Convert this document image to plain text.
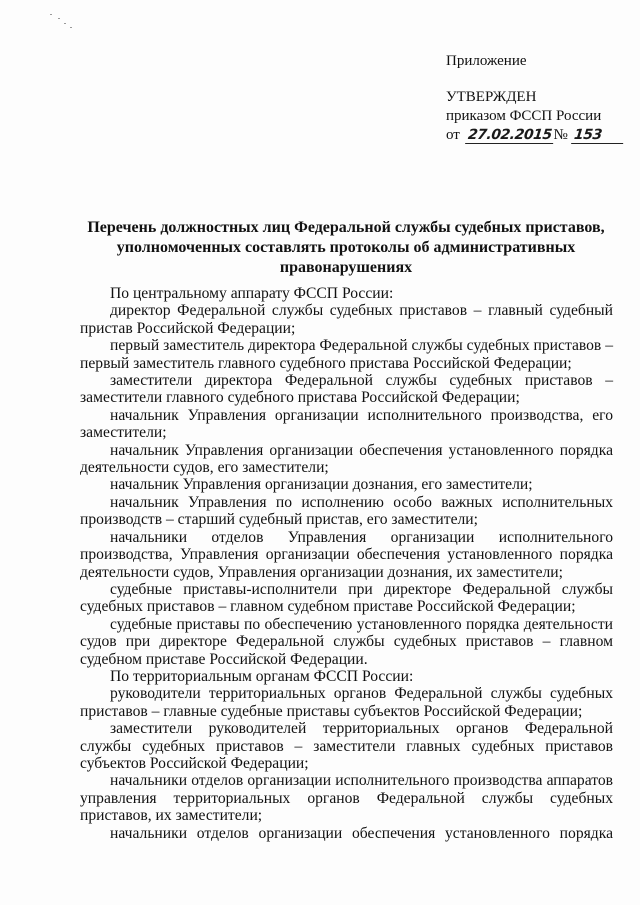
Приложение
УТВЕРЖДЕН
приказом ФССП России
от 27.02.2015 № 153
Перечень должностных лиц Федеральной службы судебных приставов,
уполномоченных составлять протоколы об административных
правонарушениях

По центральному аппарату ФССП России:

директор Федеральной службы судебных приставов – главный судебный пристав Российской Федерации;

первый заместитель директора Федеральной службы судебных приставов – первый заместитель главного судебного пристава Российской Федерации;

заместители директора Федеральной службы судебных приставов – заместители главного судебного пристава Российской Федерации;

начальник Управления организации исполнительного производства, его заместители;

начальник Управления организации обеспечения установленного порядка деятельности судов, его заместители;

начальник Управления организации дознания, его заместители;

начальник Управления по исполнению особо важных исполнительных производств – старший судебный пристав, его заместители;

начальники отделов Управления организации исполнительного производства, Управления организации обеспечения установленного порядка деятельности судов, Управления организации дознания, их заместители;

судебные приставы-исполнители при директоре Федеральной службы судебных приставов – главном судебном приставе Российской Федерации;

судебные приставы по обеспечению установленного порядка деятельности судов при директоре Федеральной службы судебных приставов – главном судебном приставе Российской Федерации.

По территориальным органам ФССП России:

руководители территориальных органов Федеральной службы судебных приставов – главные судебные приставы субъектов Российской Федерации;

заместители руководителей территориальных органов Федеральной службы судебных приставов – заместители главных судебных приставов субъектов Российской Федерации;

начальники отделов организации исполнительного производства аппаратов управления территориальных органов Федеральной службы судебных приставов, их заместители;

начальники отделов организации обеспечения установленного порядка
